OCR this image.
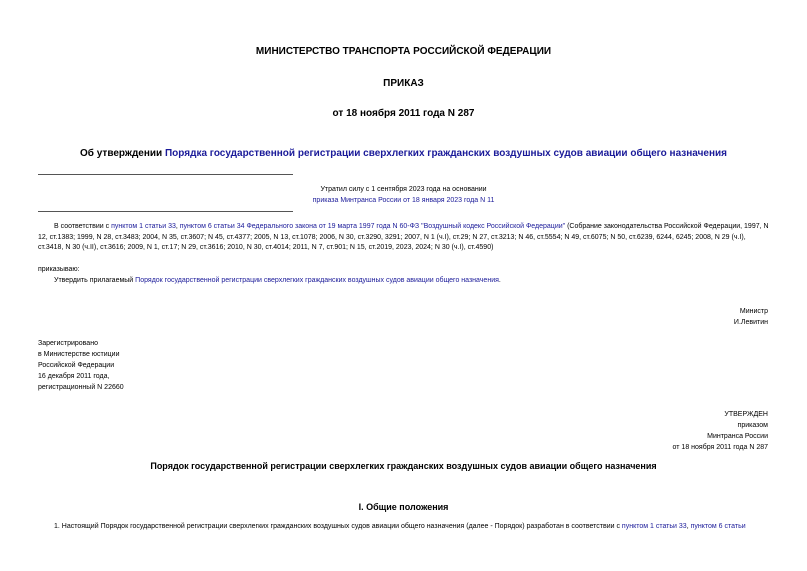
МИНИСТЕРСТВО ТРАНСПОРТА РОССИЙСКОЙ ФЕДЕРАЦИИ
ПРИКАЗ
от 18 ноября 2011 года N 287
Об утверждении Порядка государственной регистрации сверхлегких гражданских воздушных судов авиации общего назначения
Утратил силу с 1 сентября 2023 года на основании
приказа Минтранса России от 18 января 2023 года N 11
В соответствии с пунктом 1 статьи 33, пунктом 6 статьи 34 Федерального закона от 19 марта 1997 года N 60-ФЗ "Воздушный кодекс Российской Федерации" (Собрание законодательства Российской Федерации, 1997, N 12, ст.1383; 1999, N 28, ст.3483; 2004, N 35, ст.3607; N 45, ст.4377; 2005, N 13, ст.1078; 2006, N 30, ст.3290, 3291; 2007, N 1 (ч.I), ст.29; N 27, ст.3213; N 46, ст.5554; N 49, ст.6075; N 50, ст.6239, 6244, 6245; 2008, N 29 (ч.I), ст.3418, N 30 (ч.II), ст.3616; 2009, N 1, ст.17; N 29, ст.3616; 2010, N 30, ст.4014; 2011, N 7, ст.901; N 15, ст.2019, 2023, 2024; N 30 (ч.I), ст.4590)
приказываю:
Утвердить прилагаемый Порядок государственной регистрации сверхлегких гражданских воздушных судов авиации общего назначения.
Министр
И.Левитин
Зарегистрировано
в Министерстве юстиции
Российской Федерации
16 декабря 2011 года,
регистрационный N 22660
УТВЕРЖДЕН
приказом
Минтранса России
от 18 ноября 2011 года N 287
Порядок государственной регистрации сверхлегких гражданских воздушных судов авиации общего назначения
I. Общие положения
1. Настоящий Порядок государственной регистрации сверхлегких гражданских воздушных судов авиации общего назначения (далее - Порядок) разработан в соответствии с пунктом 1 статьи 33, пунктом 6 статьи
